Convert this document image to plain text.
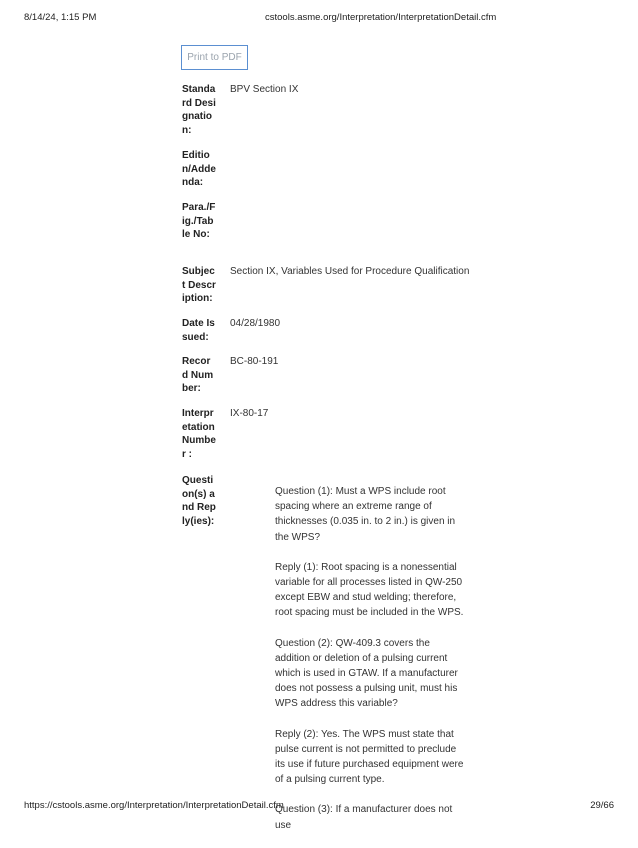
8/14/24, 1:15 PM	cstools.asme.org/Interpretation/InterpretationDetail.cfm
Print to PDF
Standard Designation:
BPV Section IX
Edition/Addenda:
Para./Fig./Table No:
Subject Description:
Section IX, Variables Used for Procedure Qualification
Date Issued:
04/28/1980
Record Number:
BC-80-191
Interpretation Number :
IX-80-17
Question(s) and Reply(ies):

Question (1): Must a WPS include root spacing where an extreme range of thicknesses (0.035 in. to 2 in.) is given in the WPS?

Reply (1): Root spacing is a nonessential variable for all processes listed in QW-250 except EBW and stud welding; therefore, root spacing must be included in the WPS.

Question (2): QW-409.3 covers the addition or deletion of a pulsing current which is used in GTAW. If a manufacturer does not possess a pulsing unit, must his WPS address this variable?

Reply (2): Yes. The WPS must state that pulse current is not permitted to preclude its use if future purchased equipment were of a pulsing current type.

Question (3): If a manufacturer does not use

https://cstools.asme.org/Interpretation/InterpretationDetail.cfm	29/66
